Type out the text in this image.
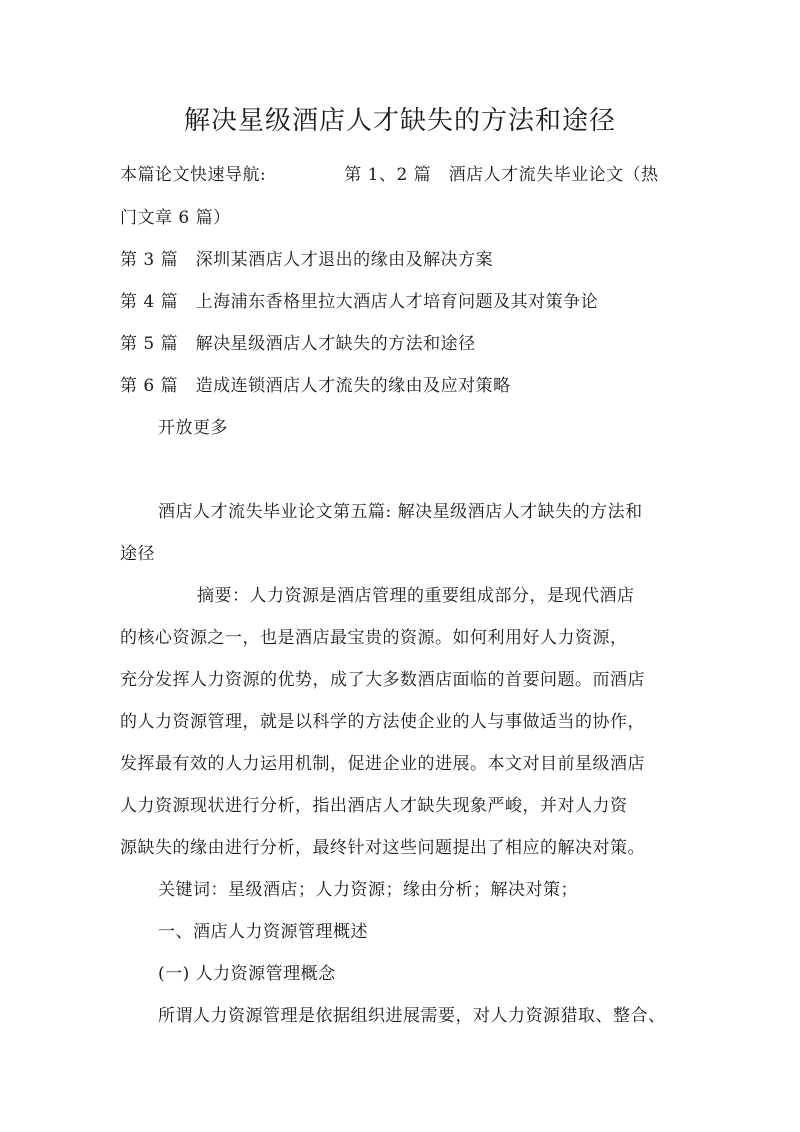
解决星级酒店人才缺失的方法和途径
本篇论文快速导航:	第 1、2 篇　酒店人才流失毕业论文（热
门文章 6 篇）
第 3 篇　深圳某酒店人才退出的缘由及解决方案
第 4 篇　上海浦东香格里拉大酒店人才培育问题及其对策争论
第 5 篇　解决星级酒店人才缺失的方法和途径
第 6 篇　造成连锁酒店人才流失的缘由及应对策略
开放更多
酒店人才流失毕业论文第五篇: 解决星级酒店人才缺失的方法和
途径
摘要：人力资源是酒店管理的重要组成部分，是现代酒店
的核心资源之一，也是酒店最宝贵的资源。如何利用好人力资源，
充分发挥人力资源的优势，成了大多数酒店面临的首要问题。而酒店
的人力资源管理，就是以科学的方法使企业的人与事做适当的协作，
发挥最有效的人力运用机制，促进企业的进展。本文对目前星级酒店
人力资源现状进行分析，指出酒店人才缺失现象严峻，并对人力资
源缺失的缘由进行分析，最终针对这些问题提出了相应的解决对策。
关键词：星级酒店；人力资源；缘由分析；解决对策；
一、酒店人力资源管理概述
(一) 人力资源管理概念
所谓人力资源管理是依据组织进展需要，对人力资源猎取、整合、
